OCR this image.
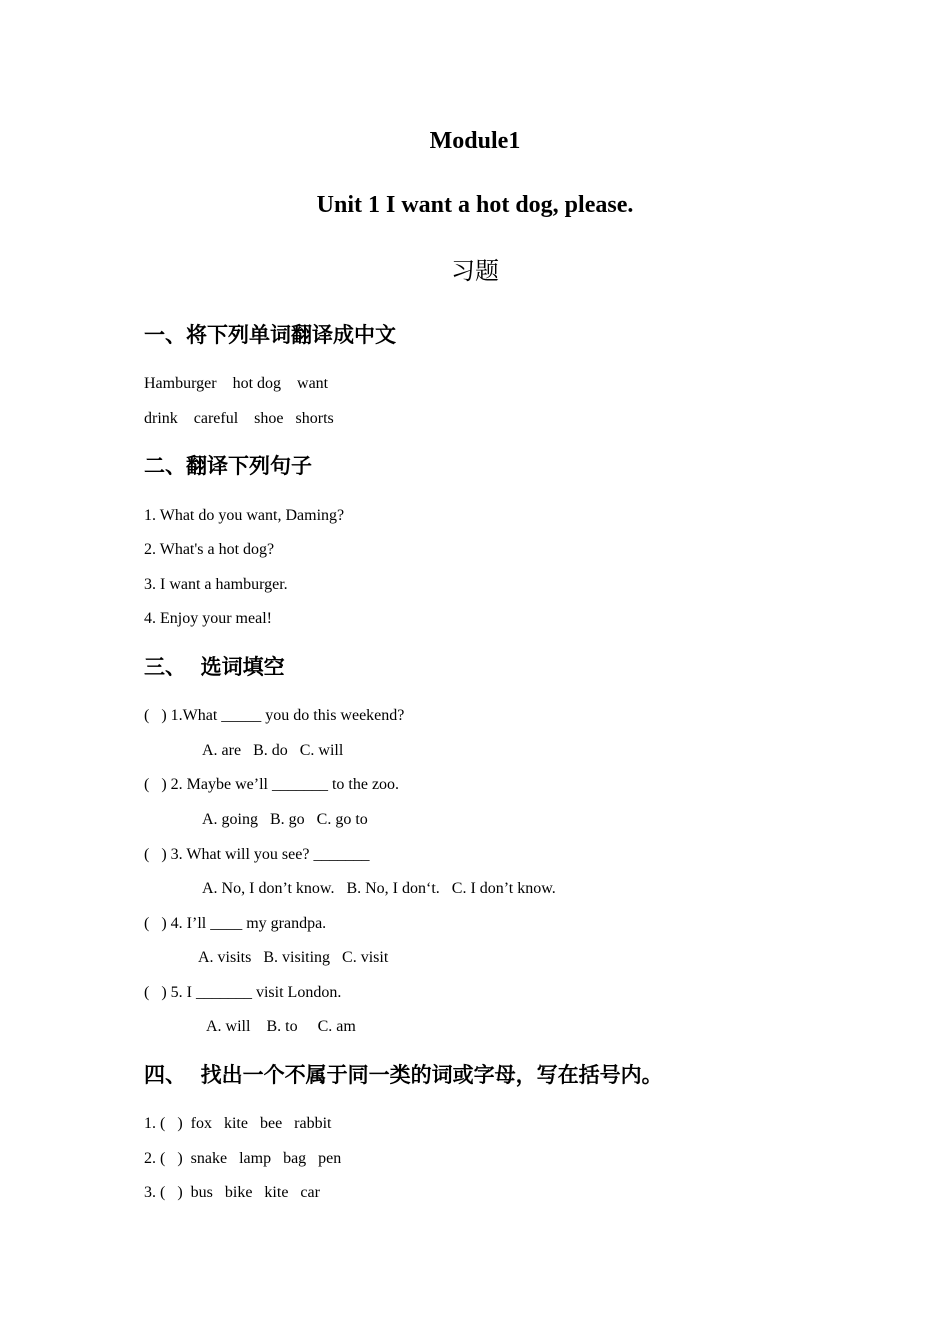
Module1
Unit 1 I want a hot dog, please.
习题
一、将下列单词翻译成中文

Hamburger    hot dog    want

drink    careful    shoe   shorts

二、翻译下列句子

1. What do you want, Daming?

2. What's a hot dog?

3. I want a hamburger.

4. Enjoy your meal!

三、  选词填空

(   ) 1.What _____ you do this weekend?

A. are   B. do   C. will

(   ) 2. Maybe we’ll _______ to the zoo.

A. going   B. go   C. go to

(   ) 3. What will you see? _______

A. No, I don’t know.   B. No, I don‘t.   C. I don’t know.

(   ) 4. I’ll ____ my grandpa.

A. visits   B. visiting   C. visit

(   ) 5. I _______ visit London.

A. will    B. to     C. am

四、  找出一个不属于同一类的词或字母，写在括号内。

1. (   )  fox   kite   bee   rabbit

2. (   )  snake   lamp   bag   pen

3. (   )  bus   bike   kite   car
